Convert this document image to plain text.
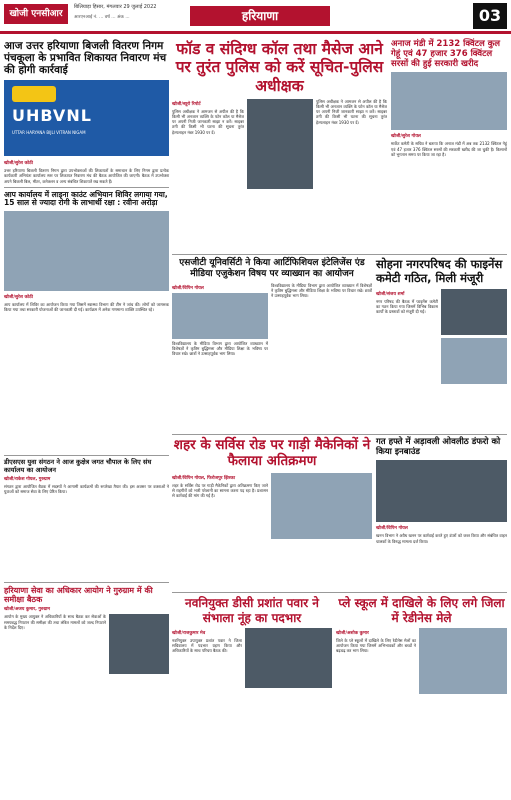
खोजी एनसीआर
बिलियाड़ा हिसार, मंगलवार 29 जुलाई 2022
आरएनआई नं. ... वर्ष ... अंक ...	हरियाणा	03
आज उत्तर हरियाणा बिजली वितरण निगम पंचकूला के प्रभावित शिकायत निवारण मंच की होगी कार्रवाई
UHBVNL
UTTAR HARYANA BIJLI VITRAN NIGAM
खोजी/सुरेश कोठी

उत्तर हरियाणा बिजली वितरण निगम द्वारा उपभोक्ताओं की शिकायतों के समाधान के लिए निगम द्वारा प्रत्येक कार्यकारी अभियंता कार्यालय स्तर पर शिकायत निवारण मंच की बैठक आयोजित की जाएगी। बैठक में उपभोक्ता अपने बिजली बिल, मीटर, कनेक्शन व अन्य संबंधित शिकायतें रख सकते हैं।

आप कार्यालय में लाइना काउंट अभियान शिविर लगाया गया, 15 साल से ज्यादा रोगी के लाभार्थी रक्षा : रवीना अरोड़ा
खोजी/सुरेश कोठी

आप कार्यालय में शिविर का आयोजन किया गया जिसमें स्वास्थ्य विभाग की टीम ने जांच की। लोगों को जागरूक किया गया तथा सरकारी योजनाओं की जानकारी दी गई। कार्यक्रम में अनेक गणमान्य व्यक्ति उपस्थित रहे।

डीएसएस युवा संगठन ने आज कुक्षेत्र जगत चौपाल के लिए संघ कार्यालय का आयोजन
खोजी/राकेश गोयल, गुरुग्राम

संगठन द्वारा आयोजित बैठक में सदस्यों ने आगामी कार्यक्रमों की रूपरेखा तैयार की। इस अवसर पर वक्ताओं ने युवाओं को समाज सेवा के लिए प्रेरित किया।

हरियाणा सेवा का अधिकार आयोग ने गुरुग्राम में की समीक्षा बैठक
खोजी/अजय कुमार, गुरुग्राम

आयोग के मुख्य आयुक्त ने अधिकारियों के साथ बैठक कर सेवाओं के समयबद्ध निपटान की समीक्षा की तथा लंबित मामलों को जल्द निपटाने के निर्देश दिए।

फॉड व संदिग्ध कॉल तथा मैसेज आने पर तुरंत पुलिस को करें सूचित-पुलिस अधीक्षक
खोजी/ब्यूरो रिपोर्ट

पुलिस अधीक्षक ने आमजन से अपील की है कि किसी भी अनजान व्यक्ति के फोन कॉल या मैसेज पर अपनी निजी जानकारी साझा न करें। साइबर ठगी की किसी भी घटना की सूचना तुरंत हेल्पलाइन नंबर 1930 पर दें।

पुलिस अधीक्षक ने आमजन से अपील की है कि किसी भी अनजान व्यक्ति के फोन कॉल या मैसेज पर अपनी निजी जानकारी साझा न करें। साइबर ठगी की किसी भी घटना की सूचना तुरंत हेल्पलाइन नंबर 1930 पर दें।

अनाज मंडी में 2132 क्विंटल कुल गेहूं एवं 47 हजार 376 क्विंटल सरसों की हुई सरकारी खरीद
खोजी/सुरेश गोयल

मार्केट कमेटी के सचिव ने बताया कि अनाज मंडी में अब तक 2132 क्विंटल गेहूं एवं 47 हजार 376 क्विंटल सरसों की सरकारी खरीद की जा चुकी है। किसानों को भुगतान समय पर किया जा रहा है।

एसजीटी यूनिवर्सिटी ने किया आर्टिफिशियल इंटेलिजेंस एंड मीडिया एजुकेशन विषय पर व्याख्यान का आयोजन
खोजी/विपिन गोयल

विश्वविद्यालय के मीडिया विभाग द्वारा आयोजित व्याख्यान में विशेषज्ञों ने कृत्रिम बुद्धिमत्ता और मीडिया शिक्षा के भविष्य पर विचार रखे। छात्रों ने उत्साहपूर्वक भाग लिया।

विश्वविद्यालय के मीडिया विभाग द्वारा आयोजित व्याख्यान में विशेषज्ञों ने कृत्रिम बुद्धिमत्ता और मीडिया शिक्षा के भविष्य पर विचार रखे। छात्रों ने उत्साहपूर्वक भाग लिया।

सोहना नगरपरिषद की फाइनेंस कमेटी गठित, मिली मंजूरी
खोजी/संजय शर्मा

नगर परिषद की बैठक में फाइनेंस कमेटी का गठन किया गया जिसमें विभिन्न विकास कार्यों के प्रस्तावों को मंजूरी दी गई।

शहर के सर्विस रोड पर गाड़ी मैकेनिकों ने फैलाया अतिक्रमण
खोजी/विपिन गोयल, फिरोजपुर झिरका

शहर के सर्विस रोड पर गाड़ी मैकेनिकों द्वारा अतिक्रमण किए जाने से राहगीरों को भारी परेशानी का सामना करना पड़ रहा है। प्रशासन से कार्रवाई की मांग की गई है।

गत हफ्ते में अड़ावली ओवलीठ डंफरो को किया इनबाउंड
खोजी/विपिन गोयल

खनन विभाग ने अवैध खनन पर कार्रवाई करते हुए डंपरों को जब्त किया और संबंधित वाहन चालकों के विरुद्ध मामला दर्ज किया।

नवनियुक्त डीसी प्रशांत पवार ने संभाला नूंह का पदभार
खोजी/राजकुमार मेव

नवनियुक्त उपायुक्त प्रशांत पवार ने जिला सचिवालय में पदभार ग्रहण किया और अधिकारियों के साथ परिचय बैठक की।

प्ले स्कूल में दाखिले के लिए लगे जिला में रेडीनेस मेले
खोजी/अशोक कुमार

जिले के प्ले स्कूलों में दाखिले के लिए रेडीनेस मेलों का आयोजन किया गया जिसमें अभिभावकों और बच्चों ने बढ़चढ़ कर भाग लिया।
